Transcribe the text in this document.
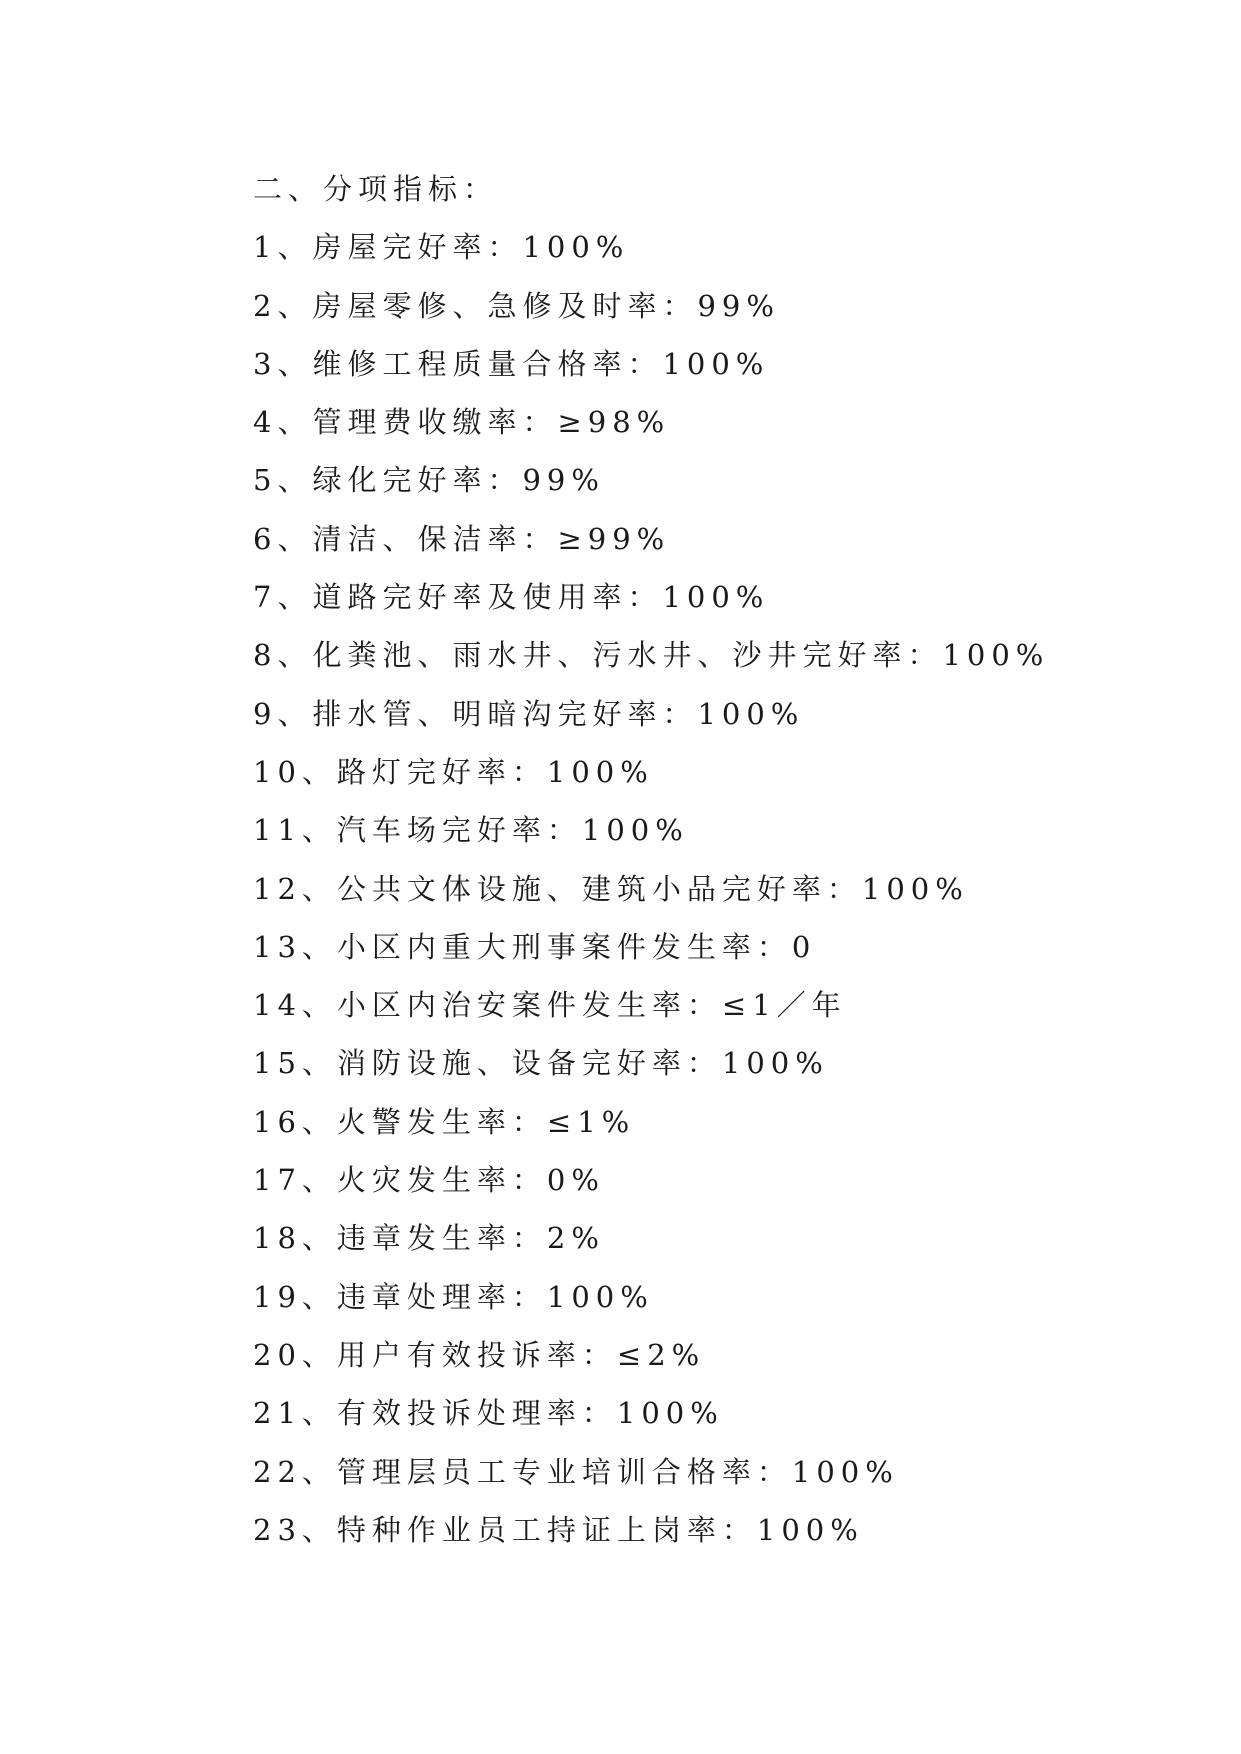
二、分项指标：
1、房屋完好率：100%
2、房屋零修、急修及时率：99%
3、维修工程质量合格率：100%
4、管理费收缴率：≥98%
5、绿化完好率：99%
6、清洁、保洁率：≥99%
7、道路完好率及使用率：100%
8、化粪池、雨水井、污水井、沙井完好率：100%
9、排水管、明暗沟完好率：100%
10、路灯完好率：100%
11、汽车场完好率：100%
12、公共文体设施、建筑小品完好率：100%
13、小区内重大刑事案件发生率：0
14、小区内治安案件发生率：≤1／年
15、消防设施、设备完好率：100%
16、火警发生率：≤1%
17、火灾发生率：0%
18、违章发生率：2%
19、违章处理率：100%
20、用户有效投诉率：≤2%
21、有效投诉处理率：100%
22、管理层员工专业培训合格率：100%
23、特种作业员工持证上岗率：100%
